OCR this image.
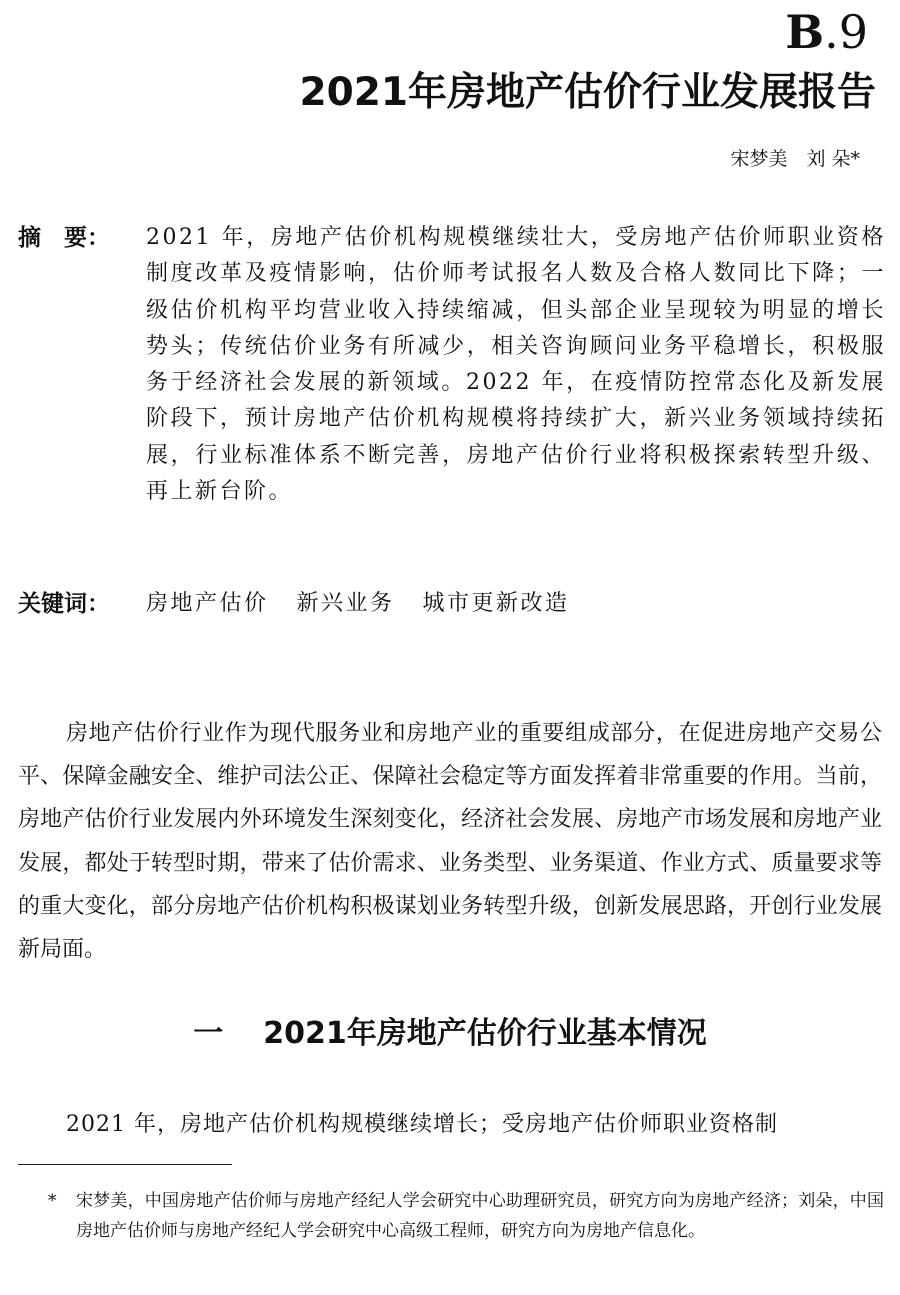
B.9
2021年房地产估价行业发展报告
宋梦美　刘 朵*
摘　要： 2021 年，房地产估价机构规模继续壮大，受房地产估价师职业资格制度改革及疫情影响，估价师考试报名人数及合格人数同比下降；一级估价机构平均营业收入持续缩减，但头部企业呈现较为明显的增长势头；传统估价业务有所减少，相关咨询顾问业务平稳增长，积极服务于经济社会发展的新领域。2022 年，在疫情防控常态化及新发展阶段下，预计房地产估价机构规模将持续扩大，新兴业务领域持续拓展，行业标准体系不断完善，房地产估价行业将积极探索转型升级、再上新台阶。

关键词： 房地产估价 新兴业务 城市更新改造

房地产估价行业作为现代服务业和房地产业的重要组成部分，在促进房地产交易公平、保障金融安全、维护司法公正、保障社会稳定等方面发挥着非常重要的作用。当前，房地产估价行业发展内外环境发生深刻变化，经济社会发展、房地产市场发展和房地产业发展，都处于转型时期，带来了估价需求、业务类型、业务渠道、作业方式、质量要求等的重大变化，部分房地产估价机构积极谋划业务转型升级，创新发展思路，开创行业发展新局面。

一 2021年房地产估价行业基本情况

2021 年，房地产估价机构规模继续增长；受房地产估价师职业资格制

* 宋梦美，中国房地产估价师与房地产经纪人学会研究中心助理研究员，研究方向为房地产经济；刘朵，中国房地产估价师与房地产经纪人学会研究中心高级工程师，研究方向为房地产信息化。
